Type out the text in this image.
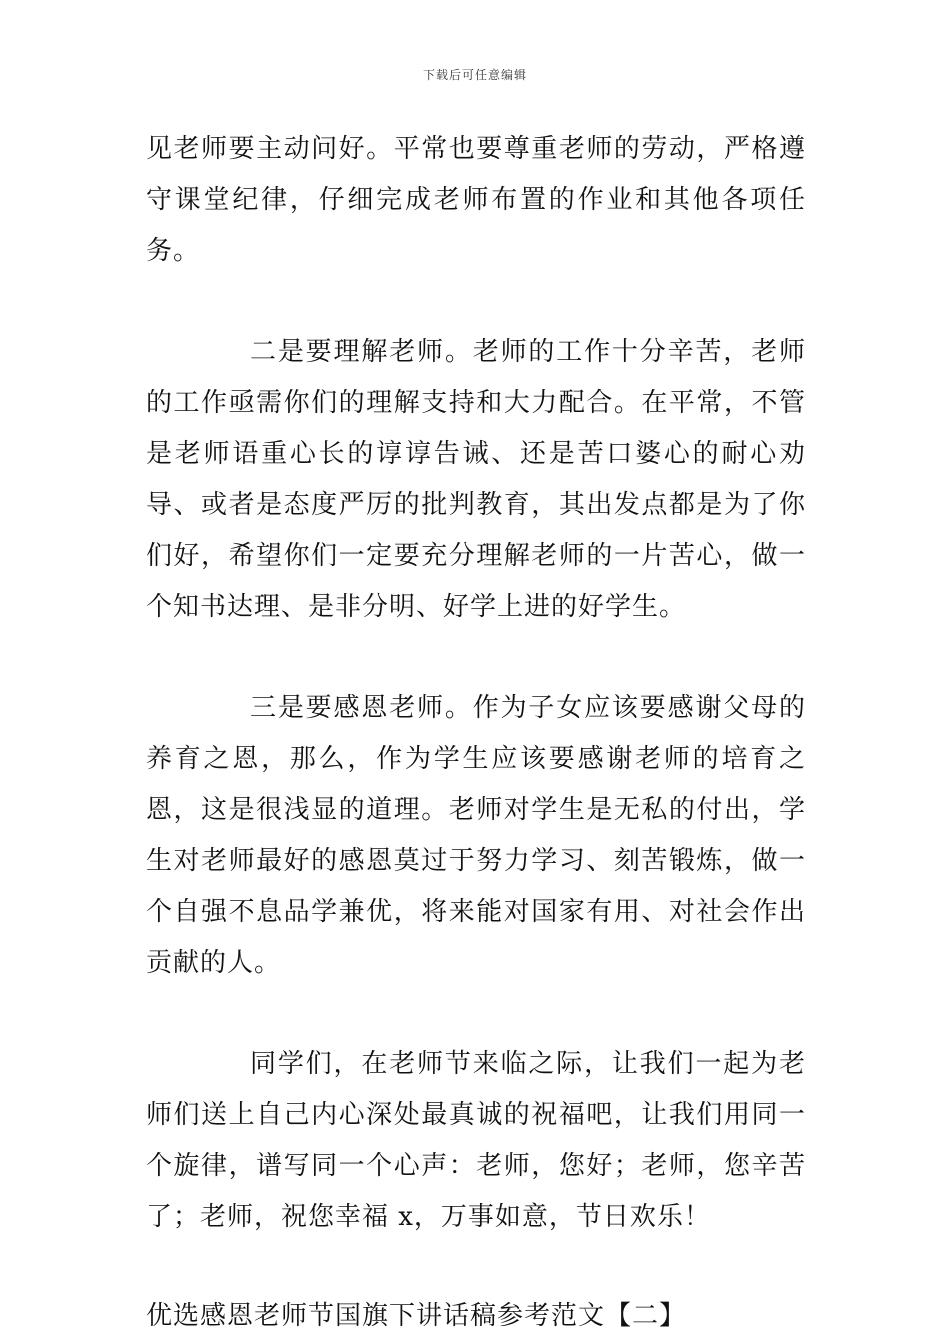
下载后可任意编辑

见老师要主动问好。平常也要尊重老师的劳动，严格遵守课堂纪律，仔细完成老师布置的作业和其他各项任务。

二是要理解老师。老师的工作十分辛苦，老师的工作亟需你们的理解支持和大力配合。在平常，不管是老师语重心长的谆谆告诫、还是苦口婆心的耐心劝导、或者是态度严厉的批判教育，其出发点都是为了你们好，希望你们一定要充分理解老师的一片苦心，做一个知书达理、是非分明、好学上进的好学生。

三是要感恩老师。作为子女应该要感谢父母的养育之恩，那么，作为学生应该要感谢老师的培育之恩，这是很浅显的道理。老师对学生是无私的付出，学生对老师最好的感恩莫过于努力学习、刻苦锻炼，做一个自强不息品学兼优，将来能对国家有用、对社会作出贡献的人。

同学们，在老师节来临之际，让我们一起为老师们送上自己内心深处最真诚的祝福吧，让我们用同一个旋律，谱写同一个心声：老师，您好；老师，您辛苦了；老师，祝您幸福 x，万事如意，节日欢乐！

优选感恩老师节国旗下讲话稿参考范文【二】
